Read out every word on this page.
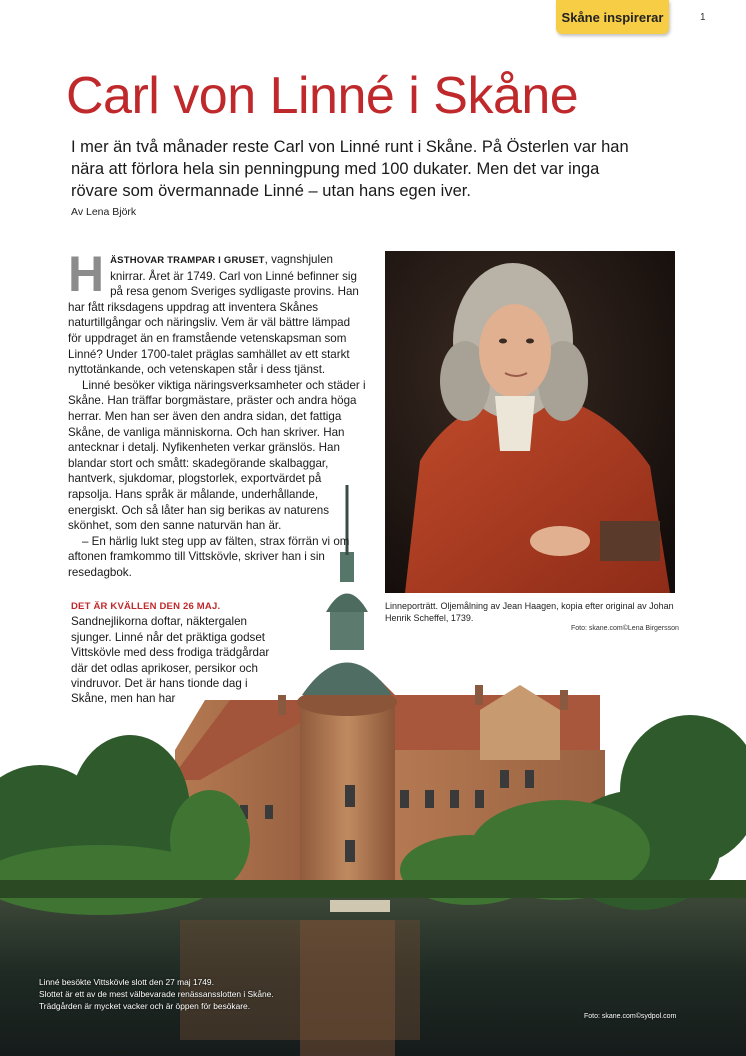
Skåne inspirerar	1
Carl von Linné i Skåne

I mer än två månader reste Carl von Linné runt i Skåne. På Österlen var han nära att förlora hela sin penningpung med 100 dukater. Men det var inga rövare som övermannade Linné – utan hans egen iver.

Av Lena Björk

HÄSTHOVAR TRAMPAR I GRUSET, vagnshjulen knirrar. Året är 1749. Carl von Linné befinner sig på resa genom Sveriges sydligaste provins. Han har fått riksdagens uppdrag att inventera Skånes naturtillgångar och näringsliv. Vem är väl bättre lämpad för uppdraget än en framstående vetenskapsman som Linné? Under 1700-talet präglas samhället av ett starkt nyttotänkande, och vetenskapen står i dess tjänst.

Linné besöker viktiga näringsverksamheter och städer i Skåne. Han träffar borgmästare, präster och andra höga herrar. Men han ser även den andra sidan, det fattiga Skåne, de vanliga människorna. Och han skriver. Han antecknar i detalj. Nyfikenheten verkar gränslös. Han blandar stort och smått: skadegörande skalbaggar, hantverk, sjukdomar, plogstorlek, exportvärdet på rapsolja. Hans språk är målande, underhållande, energiskt. Och så låter han sig berikas av naturens skönhet, som den sanne naturvän han är.

– En härlig lukt steg upp av fälten, strax förrän vi om aftonen framkommo till Vittskövle, skriver han i sin resedagbok.

DET ÄR KVÄLLEN DEN 26 MAJ. Sandnejlikorna doftar, näktergalen sjunger. Linné når det präktiga godset Vittskövle med dess frodiga trädgårdar där det odlas aprikoser, persikor och vindruvor. Det är hans tionde dag i Skåne, men han har

Linneporträtt. Oljemålning av Jean Haagen, kopia efter original av Johan Henrik Scheffel, 1739.
Foto: skane.com©Lena Birgersson
Linné besökte Vittskövle slott den 27 maj 1749.
Slottet är ett av de mest välbevarade renässansslotten i Skåne.
Trädgården är mycket vacker och är öppen för besökare.
Foto: skane.com©sydpol.com
